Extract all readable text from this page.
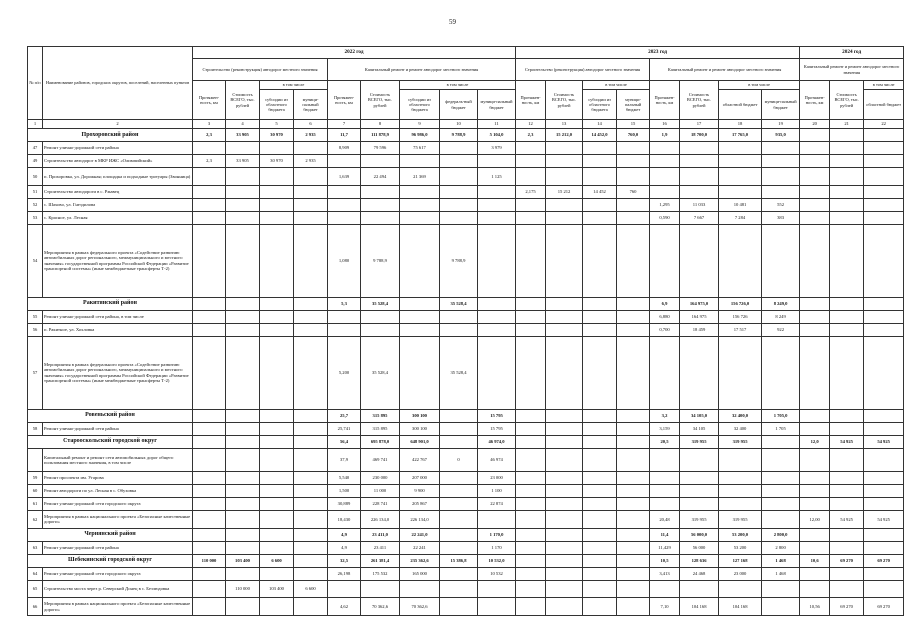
59
№ п/п	Наименование районов, городских округов, поселений, населенных пунктов	2022 год									2023 год								2024 год		
		Строительство (реконструкция) автодорог местного значения				Капитальный ремонт и ремонт автодорог местного значения					Строительство (реконструкция) автодорог местного значения				Капитальный ремонт и ремонт автодорог местного значения				Капитальный ремонт и ремонт автодорог местного значения		
		Протяжен-ность, км	Стоимость ВСЕГО, тыс. рублей	в том числе		Протяжен-ность, км	Стоимость ВСЕГО, тыс. рублей	в том числе			Протяжен-ность, км	Стоимость ВСЕГО, тыс. рублей	в том числе		Протяжен-ность, км	Стоимость ВСЕГО, тыс. рублей	в том числе		Протяжен-ность, км	Стоимость ВСЕГО, тыс. рублей	в том числе
				субсидии из областного бюджета	муници-пальный бюджет			субсидии из областного бюджета	федераль-ный бюджет	муници-пальный бюджет			субсидии из областного бюджета	муници-пальный бюджет			областной бюджет	муници-пальный бюджет			областной бюджет
1	2	3	4	5	6	7	8	9	10	11	12	13	14	15	16	17	18	19	20	21	22
Прохоровский район		2,3	33 905	30 970	2 935	11,7	111 878,9	96 986,0	9 788,9	5 104,0	2,3	15 212,0	14 452,0	760,0	1,9	18 700,0	17 765,0	935,0			
47	Ремонт улично-дорожной сети района					8,909	79 596	75 617		3 979											
49	Строительство автодорог в МКР ИЖС «Олимпийский»	2,3	33 905	30 970	2 935																
50	п. Прохоровка, ул. Дорожная; площадка и подходные тротуары (Звонница)					1,639	22 494	21 369		1 125											
51	Строительство автодороги в с. Ржавец										2,175	15 212	14 452	760							
52	с. Шахово, ул. Гнездилова														1,295	11 033	10 481	552			
53	с. Красное, ул. Лесная														0,590	7 667	7 284	383			
54	Мероприятия в рамках федерального проекта «Содействие развитию автомобильных дорог регионального, межмуниципального и местного значения» государственной программы Российской Федерации «Развитие транспортной системы» (иные межбюджетные трансферты Т-2)					1,080	9 788,9		9 788,9												
Ракитянский район						5,3	35 528,4		35 528,4						6,9	164 975,0	156 726,0	8 249,0			
55	Ремонт улично-дорожной сети района, в том числе														6,880	164 975	156 726	8 249			
56	п. Ракитное, ул. Хохловка														0,700	18 459	17 517	922			
57	Мероприятия в рамках федерального проекта «Содействие развитию автомобильных дорог регионального, межмуниципального и местного значения» государственной программы Российской Федерации «Развитие транспортной системы» (иные межбюджетные трансферты Т-2)					5,200	35 528,4		35 528,4												
Ровеньский район						25,7	315 895	300 100		15 795					3,2	34 105,0	32 400,0	1 705,0			
58	Ремонт улично-дорожной сети района					25,741	315 895	300 100		15 795					3,159	34 105	32 400	1 705			
Старооскольский городской округ						56,4	695 878,0	648 901,0		46 974,0					20,5	319 955	319 955		12,0	54 925	54 925
	Капитальный ремонт и ремонт сети автомобильных дорог общего пользования местного значения, в том числе					37,9	469 741	422 767	0	46 974											
59	Ремонт проспекта им. Угарова					5,540	230 000	207 000		23 000											
60	Ремонт автодороги по ул. Лесная в с. Обуховка					1,500	11 000	9 900		1 100											
61	Ремонт улично-дорожной сети городского округа					30,889	228 741	205 867		22 874											
62	Мероприятия в рамках национального проекта «Безопасные качественные дороги»					18,430	226 134,0	226 134,0							20,48	319 955	319 955		12,00	54 925	54 925
Чернянский район						4,9	23 411,0	22 241,0		1 170,0					11,4	56 000,0	53 200,0	2 800,0			
63	Ремонт улично-дорожной сети района					4,9	23 411	22 241		1 170					11,429	56 000	53 200	2 800			
Шебекинский городской округ		110 000	103 400	6 600		32,5	261 381,4	235 362,6	15 386,8	10 532,0					10,5	128 636	127 168	1 468	10,6	69 270	69 270
64	Ремонт улично-дорожной сети городского округа					26,198	175 532	165 000		10 532					3,413	24 468	23 000	1 468			
65	Строительство моста через р. Северский Донец в с. Безлюдовка		110 000	103 400	6 600																
66	Мероприятия в рамках национального проекта «Безопасные качественные дороги»					4,62	70 362,6	70 362,6							7,10	104 168	104 168		10,56	69 270	69 270
